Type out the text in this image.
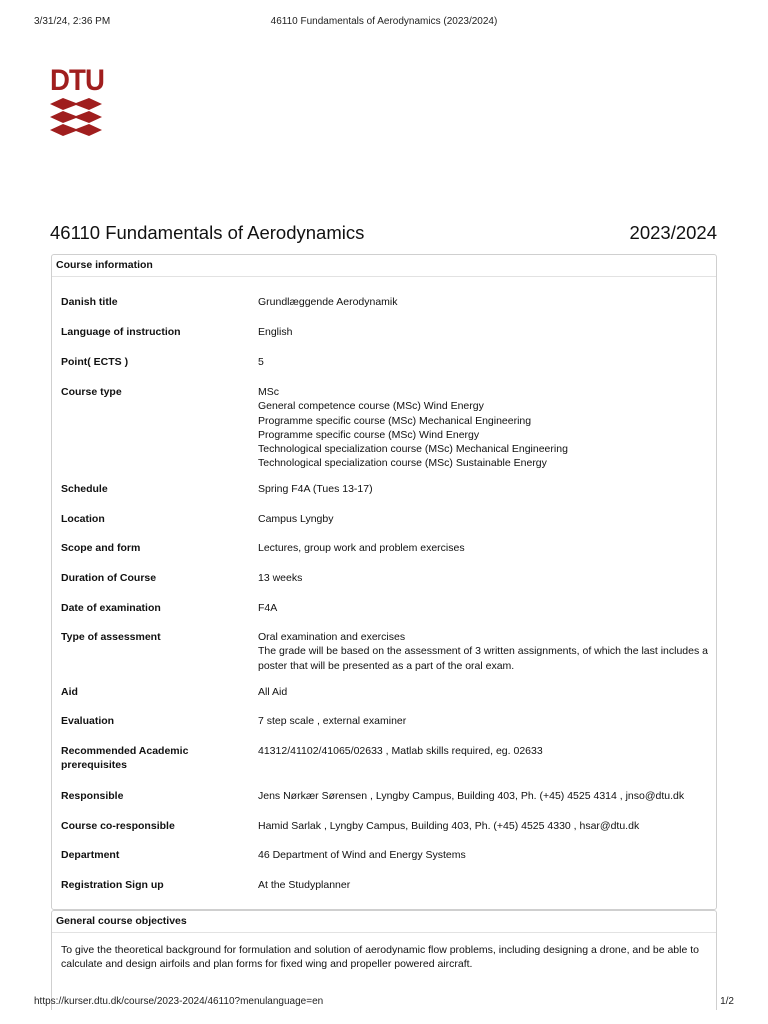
3/31/24, 2:36 PM	46110 Fundamentals of Aerodynamics (2023/2024)
DTU
46110 Fundamentals of Aerodynamics	2023/2024
Course information
Danish title	Grundlæggende Aerodynamik
Language of instruction	English
Point( ECTS )	5
Course type	MSc
General competence course (MSc) Wind Energy
Programme specific course (MSc) Mechanical Engineering
Programme specific course (MSc) Wind Energy
Technological specialization course (MSc) Mechanical Engineering
Technological specialization course (MSc) Sustainable Energy
Schedule	Spring F4A (Tues 13-17)
Location	Campus Lyngby
Scope and form	Lectures, group work and problem exercises
Duration of Course	13 weeks
Date of examination	F4A
Type of assessment	Oral examination and exercises
The grade will be based on the assessment of 3 written assignments, of which the last includes a
poster that will be presented as a part of the oral exam.
Aid	All Aid
Evaluation	7 step scale , external examiner
Recommended Academic prerequisites
41312/41102/41065/02633 , Matlab skills required, eg. 02633
Responsible	Jens Nørkær Sørensen , Lyngby Campus, Building 403, Ph. (+45) 4525 4314 , jnso@dtu.dk
Course co-responsible	Hamid Sarlak , Lyngby Campus, Building 403, Ph. (+45) 4525 4330 , hsar@dtu.dk
Department	46 Department of Wind and Energy Systems
Registration Sign up	At the Studyplanner
General course objectives
To give the theoretical background for formulation and solution of aerodynamic flow problems, including designing a drone, and be able to calculate and design airfoils and plan forms for fixed wing and propeller powered aircraft.
https://kurser.dtu.dk/course/2023-2024/46110?menulanguage=en	1/2
